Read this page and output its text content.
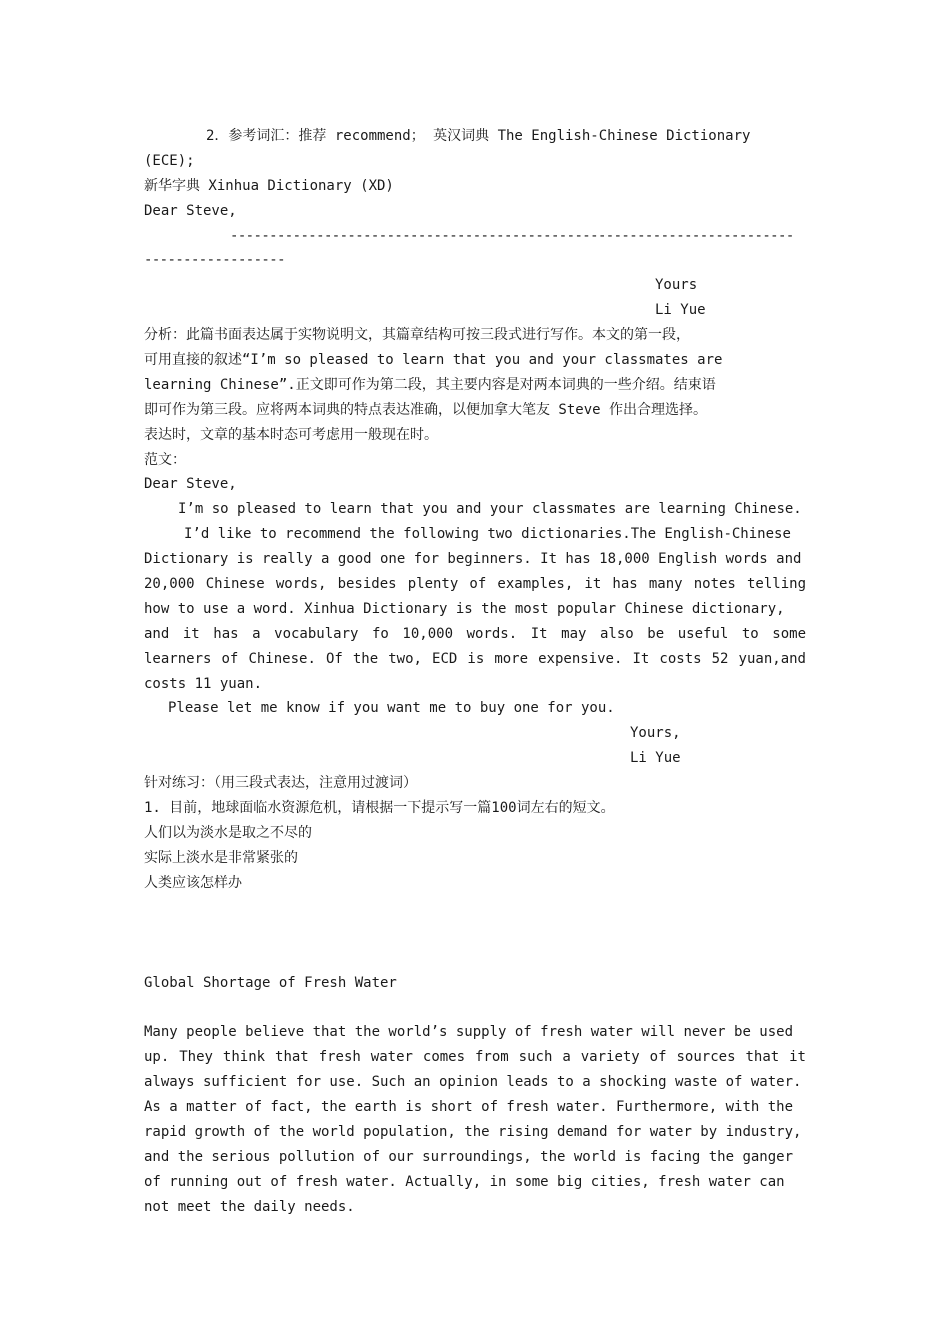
2．参考词汇：推荐 recommend； 英汉词典 The English-Chinese Dictionary
(ECE);
新华字典 Xinhua Dictionary (XD)
Dear Steve,
------------------------------------------------------------------------
------------------
Yours
Li Yue
分析：此篇书面表达属于实物说明文，其篇章结构可按三段式进行写作。本文的第一段，
可用直接的叙述“I’m so pleased to learn that you and your classmates are
learning Chinese”.正文即可作为第二段，其主要内容是对两本词典的一些介绍。结束语
即可作为第三段。应将两本词典的特点表达准确，以便加拿大笔友 Steve 作出合理选择。
表达时，文章的基本时态可考虑用一般现在时。
范文：
Dear Steve,
I’m so pleased to learn that you and your classmates are learning Chinese.
I’d like to recommend the following two dictionaries.The English-Chinese
Dictionary is really a good one for beginners. It has 18,000 English words and
20,000 Chinese words, besides plenty of examples, it has many notes telling
how to use a word. Xinhua Dictionary is the most popular Chinese dictionary,
and it has a vocabulary fo 10,000 words. It may also be useful to some
learners of Chinese. Of the two, ECD is more expensive. It costs 52 yuan,and
costs 11 yuan.
Please let me know if you want me to buy one for you.
Yours,
Li Yue
针对练习：（用三段式表达，注意用过渡词）
1. 目前，地球面临水资源危机，请根据一下提示写一篇100词左右的短文。
人们以为淡水是取之不尽的
实际上淡水是非常紧张的
人类应该怎样办
Global Shortage of Fresh Water
Many people believe that the world’s supply of fresh water will never be used
up. They think that fresh water comes from such a variety of sources that it
always sufficient for use. Such an opinion leads to a shocking waste of water.
As a matter of fact, the earth is short of fresh water. Furthermore, with the
rapid growth of the world population, the rising demand for water by industry,
and the serious pollution of our surroundings, the world is facing the ganger
of running out of fresh water. Actually, in some big cities, fresh water can
not meet the daily needs.
